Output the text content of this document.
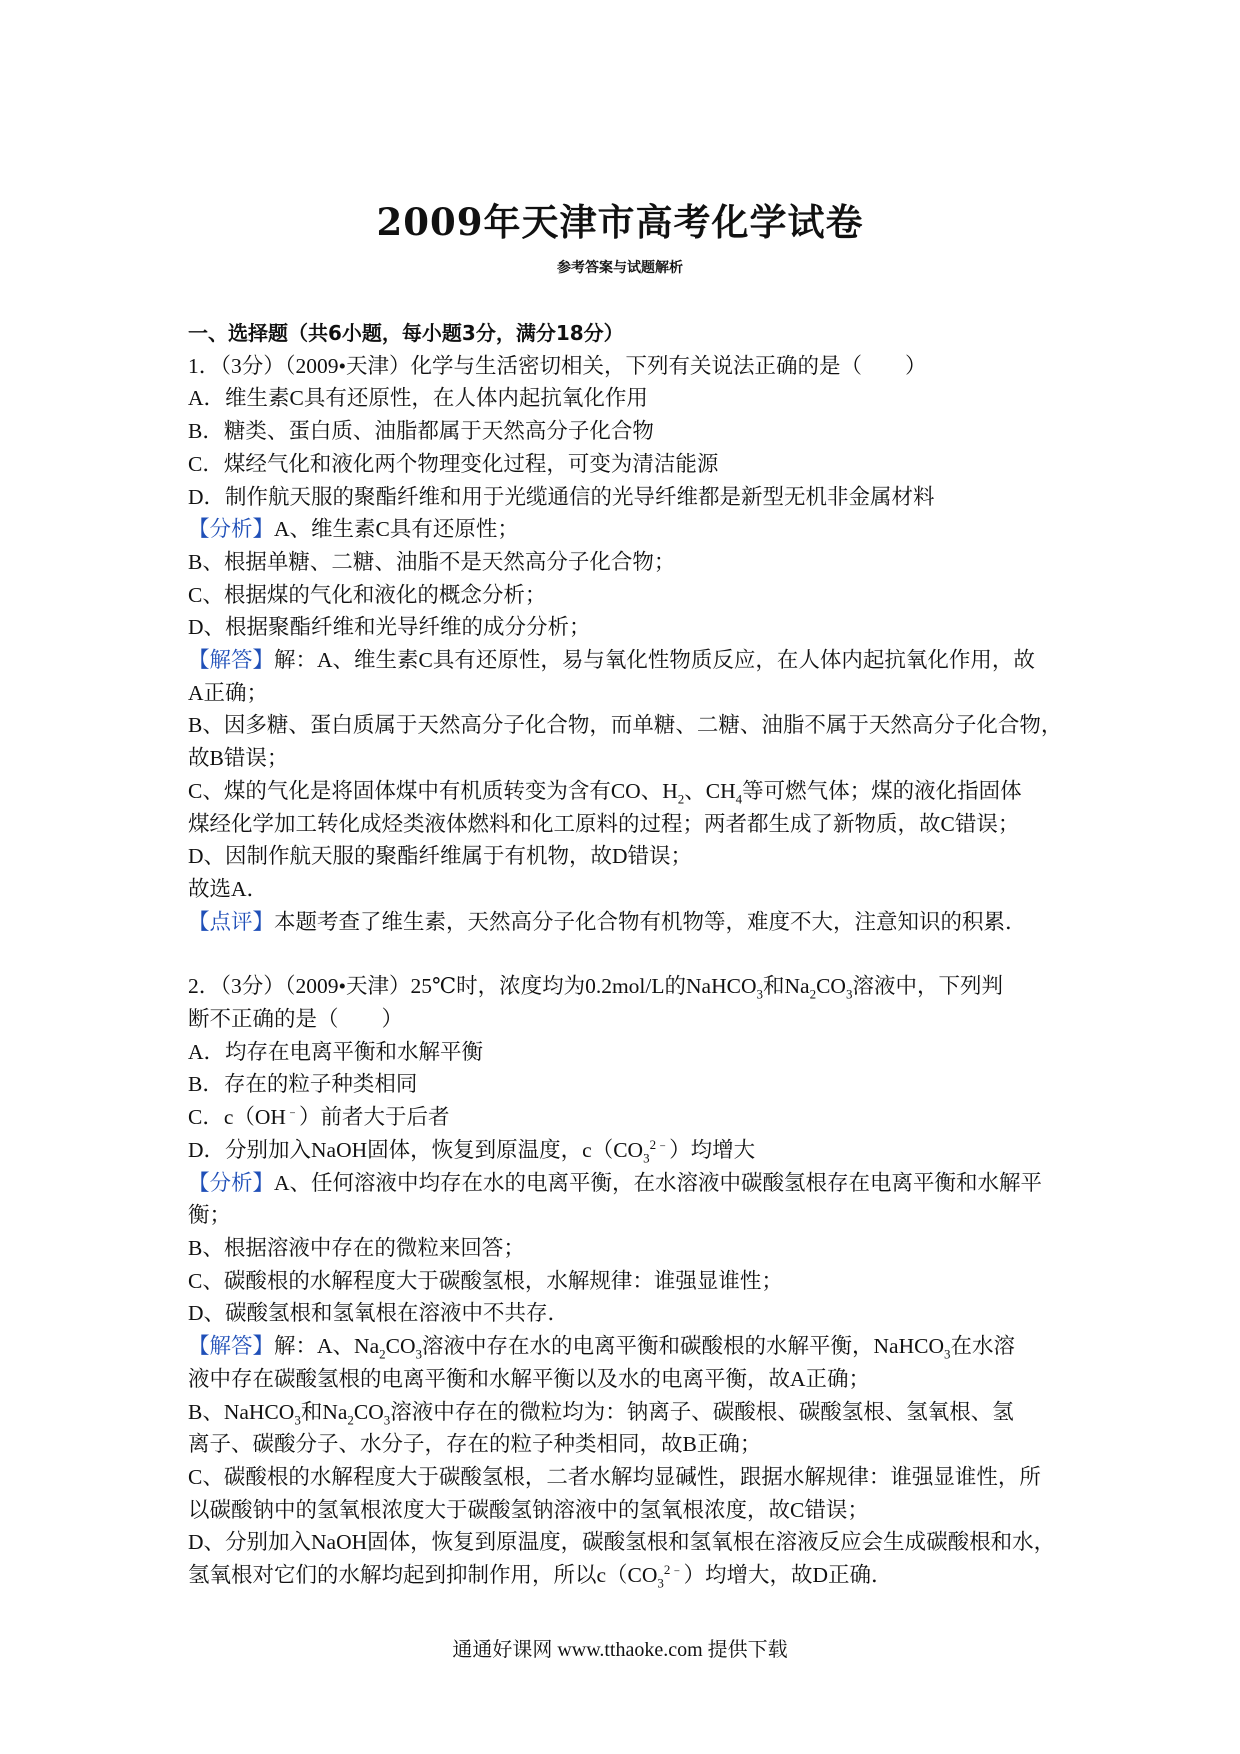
2009年天津市高考化学试卷
参考答案与试题解析
一、选择题（共6小题，每小题3分，满分18分）
1．（3分）（2009•天津）化学与生活密切相关，下列有关说法正确的是（　　）
A．维生素C具有还原性，在人体内起抗氧化作用
B．糖类、蛋白质、油脂都属于天然高分子化合物
C．煤经气化和液化两个物理变化过程，可变为清洁能源
D．制作航天服的聚酯纤维和用于光缆通信的光导纤维都是新型无机非金属材料
【分析】A、维生素C具有还原性；
B、根据单糖、二糖、油脂不是天然高分子化合物；
C、根据煤的气化和液化的概念分析；
D、根据聚酯纤维和光导纤维的成分分析；
【解答】解：A、维生素C具有还原性，易与氧化性物质反应，在人体内起抗氧化作用，故
A正确；
B、因多糖、蛋白质属于天然高分子化合物，而单糖、二糖、油脂不属于天然高分子化合物，
故B错误；
C、煤的气化是将固体煤中有机质转变为含有CO、$H_2$、$CH_4$等可燃气体；煤的液化指固体
煤经化学加工转化成烃类液体燃料和化工原料的过程；两者都生成了新物质，故C错误；
D、因制作航天服的聚酯纤维属于有机物，故D错误；
故选A．
【点评】本题考查了维生素，天然高分子化合物有机物等，难度不大，注意知识的积累．
2．（3分）（2009•天津）25℃时，浓度均为0.2mol/L的NaHCO$_3$和$Na_2CO_3$溶液中，下列判
断不正确的是（　　）
A．均存在电离平衡和水解平衡
B．存在的粒子种类相同
C．c（OH﹣）前者大于后者
D．分别加入NaOH固体，恢复到原温度，$c(CO_3^{2﹣})$均增大
【分析】A、任何溶液中均存在水的电离平衡，在水溶液中碳酸氢根存在电离平衡和水解平
衡；
B、根据溶液中存在的微粒来回答；
C、碳酸根的水解程度大于碳酸氢根，水解规律：谁强显谁性；
D、碳酸氢根和氢氧根在溶液中不共存．
【解答】解：A、$Na_2CO_3$溶液中存在水的电离平衡和碳酸根的水解平衡，NaHCO$_3$在水溶
液中存在碳酸氢根的电离平衡和水解平衡以及水的电离平衡，故A正确；
B、NaHCO$_3$和$Na_2CO_3$溶液中存在的微粒均为：钠离子、碳酸根、碳酸氢根、氢氧根、氢
离子、碳酸分子、水分子，存在的粒子种类相同，故B正确；
C、碳酸根的水解程度大于碳酸氢根，二者水解均显碱性，跟据水解规律：谁强显谁性，所
以碳酸钠中的氢氧根浓度大于碳酸氢钠溶液中的氢氧根浓度，故C错误；
D、分别加入NaOH固体，恢复到原温度，碳酸氢根和氢氧根在溶液反应会生成碳酸根和水，
氢氧根对它们的水解均起到抑制作用，所以$c(CO_3^{2﹣})$均增大，故D正确．
通通好课网 www.tthaoke.com 提供下载
